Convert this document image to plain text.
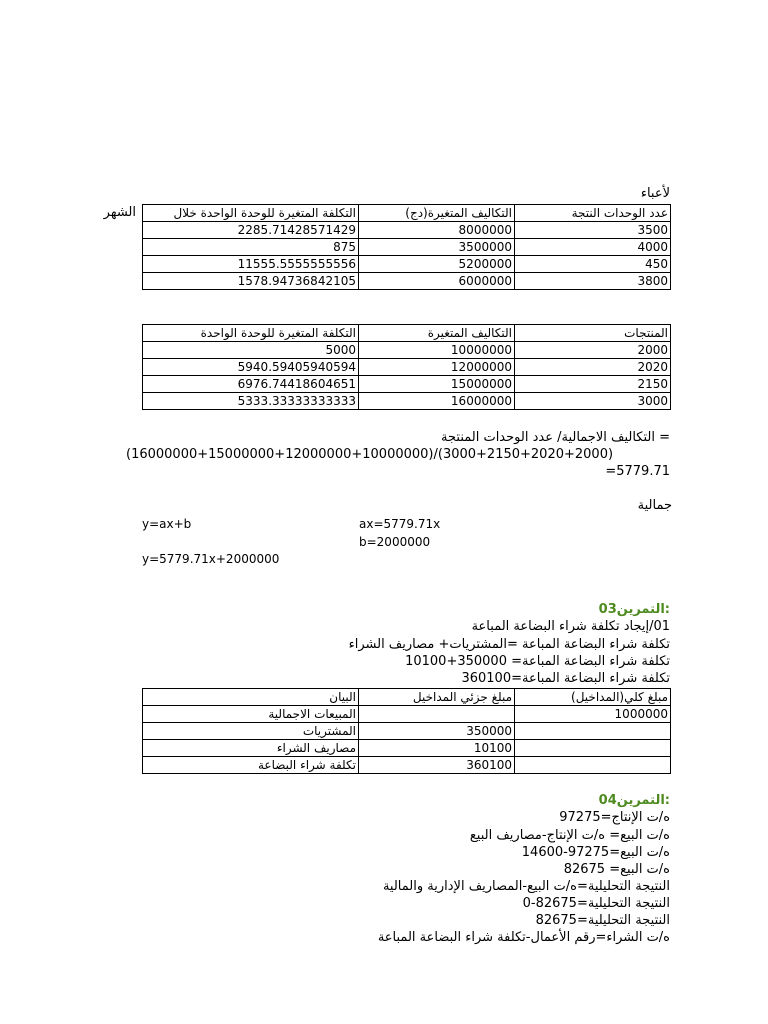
لأعباء
الشهر	التكلفة المتغيرة للوحدة الواحدة خلال	التكاليف المتغيرة(دج)	عدد الوحدات النتجة
2285.71428571429	8000000	3500
875	3500000	4000
11555.5555555556	5200000	450
1578.94736842105	6000000	3800
التكلفة المتغيرة للوحدة الواحدة	التكاليف المتغيرة	المنتجات
5000	10000000	2000
5940.59405940594	12000000	2020
6976.74418604651	15000000	2150
5333.33333333333	16000000	3000
= التكاليف الاجمالية/ عدد الوحدات المنتجة
(16000000+15000000+12000000+10000000)/(3000+2150+2020+2000)
5779.71=
جمالية
y=ax+b	ax=5779.71x
b=2000000
y=5779.71x+2000000
:التمرين03
01/إيجاد تكلفة شراء البضاعة المباعة
تكلفة شراء البضاعة المباعة =المشتريات+ مصاريف الشراء
تكلفة شراء البضاعة المباعة= 350000+10100
تكلفة شراء البضاعة المباعة=360100
البيان	مبلغ جزئي المداخيل	مبلغ كلي(المداخيل)
المبيعات الاجمالية		1000000
المشتريات	350000	
مصاريف الشراء	10100	
تكلفة شراء البضاعة	360100	
:التمرين04
ه/ت الإنتاج=97275
ه/ت البيع= ه/ت الإنتاج-مصاريف البيع
ه/ت البيع=97275-14600
ه/ت البيع= 82675
النتيجة التحليلية=ه/ت البيع-المصاريف الإدارية والمالية
النتيجة التحليلية=82675-0
النتيجة التحليلية=82675
ه/ت الشراء=رقم الأعمال-تكلفة شراء البضاعة المباعة
